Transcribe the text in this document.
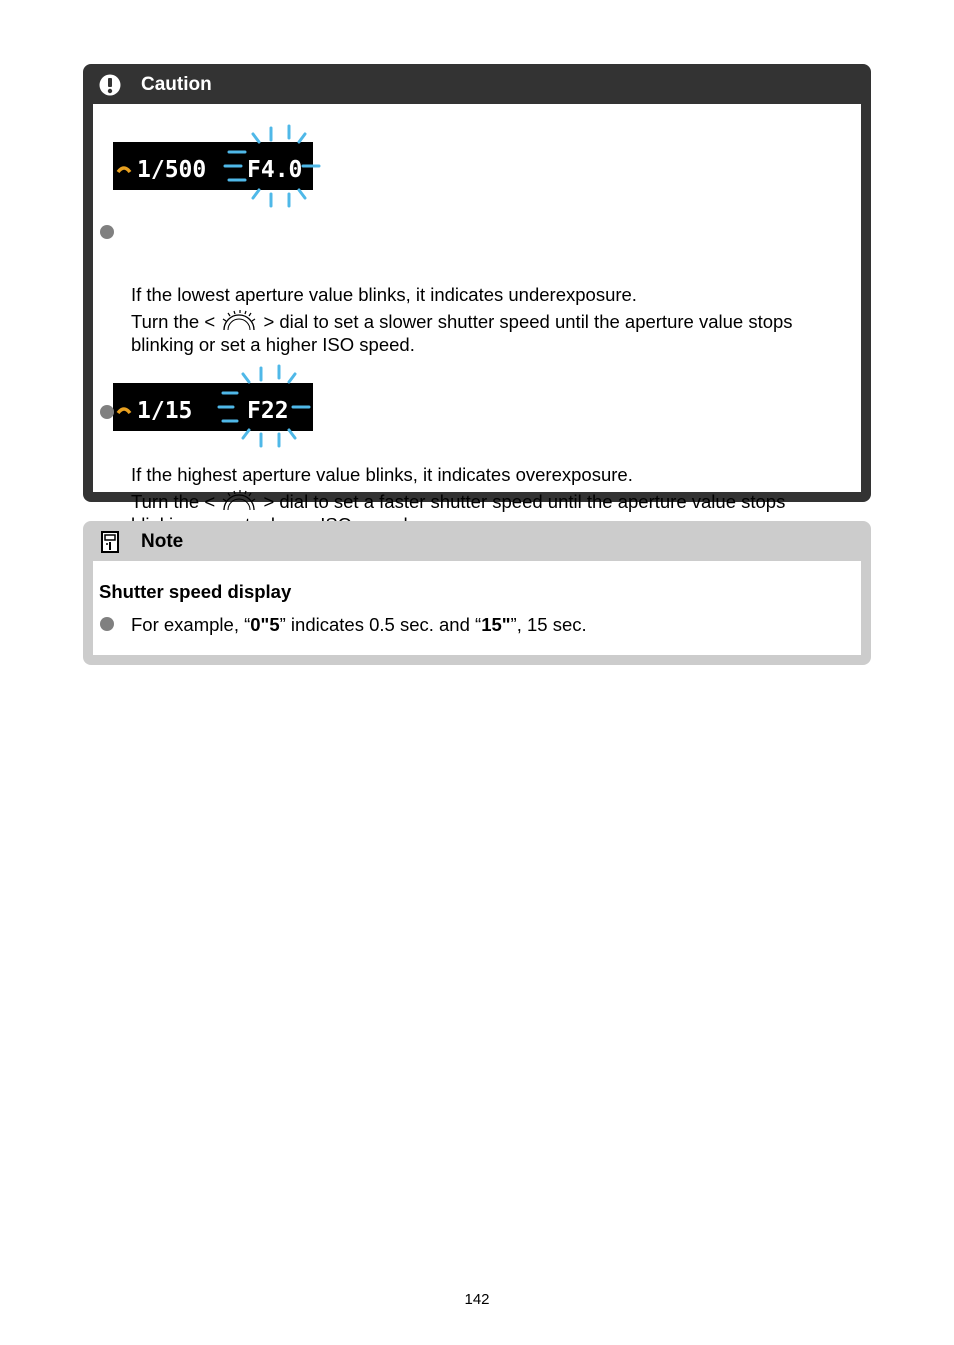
Caution
1/500 F4.0
If the lowest aperture value blinks, it indicates underexposure.
Turn the <	> dial to set a slower shutter speed until the aperture value stops
blinking or set a higher ISO speed.
1/15 F22
If the highest aperture value blinks, it indicates overexposure.
Turn the <	> dial to set a faster shutter speed until the aperture value stops
Note
Shutter speed display
For example, “0"5” indicates 0.5 sec. and “15"”, 15 sec.
142
